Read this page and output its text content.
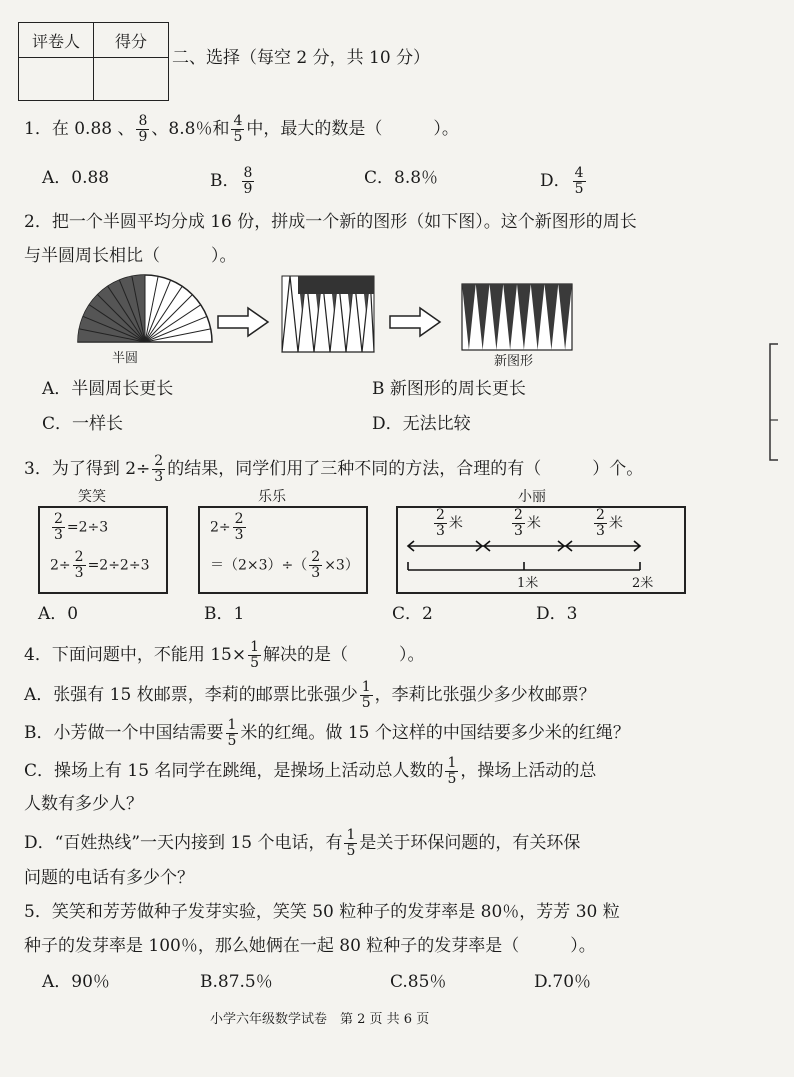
评卷人	得分

二、选择（每空 2 分，共 10 分）
1．在 0.88 、 $\frac{8}{9}$ 、8.8％和 $\frac{4}{5}$ 中，最大的数是（　　　）。
A．0.88	B． $\frac{8}{9}$	C．8.8％	D． $\frac{4}{5}$
2．把一个半圆平均分成 16 份，拼成一个新的图形（如下图）。这个新图形的周长
与半圆周长相比（　　　）。
半圆	新图形
A．半圆周长更长	B 新图形的周长更长
C．一样长	D．无法比较
3．为了得到 $2\div \frac{2}{3}$ 的结果，同学们用了三种不同的方法，合理的有（　　　）个。
笑笑	乐乐	小丽
$\frac{2}{3} =2\div 3$
$2\div \frac{2}{3} =2\div 2\div 3$
$2\div \frac{2}{3}$
$=(2\times 3)\div( \frac{2}{3} \times 3)$
$\frac{2}{3}$ 米	$\frac{2}{3}$ 米	$\frac{2}{3}$ 米
1米	2米
A．0	B．1	C．2	D．3
4．下面问题中，不能用 $15\times \frac{1}{5}$ 解决的是（　　　）。
A．张强有 15 枚邮票，李莉的邮票比张强少 $\frac{1}{5}$ ，李莉比张强少多少枚邮票？
B．小芳做一个中国结需要 $\frac{1}{5}$ 米的红绳。做 15 个这样的中国结要多少米的红绳？
C．操场上有 15 名同学在跳绳，是操场上活动总人数的 $\frac{1}{5}$ ，操场上活动的总
人数有多少人？
D．“百姓热线”一天内接到 15 个电话，有 $\frac{1}{5}$ 是关于环保问题的，有关环保
问题的电话有多少个？
5．笑笑和芳芳做种子发芽实验，笑笑 50 粒种子的发芽率是 80％，芳芳 30 粒
种子的发芽率是 100％，那么她俩在一起 80 粒种子的发芽率是（　　　）。
A．90％	B.87.5％	C.85％	D.70％
小学六年级数学试卷　第 2 页 共 6 页
